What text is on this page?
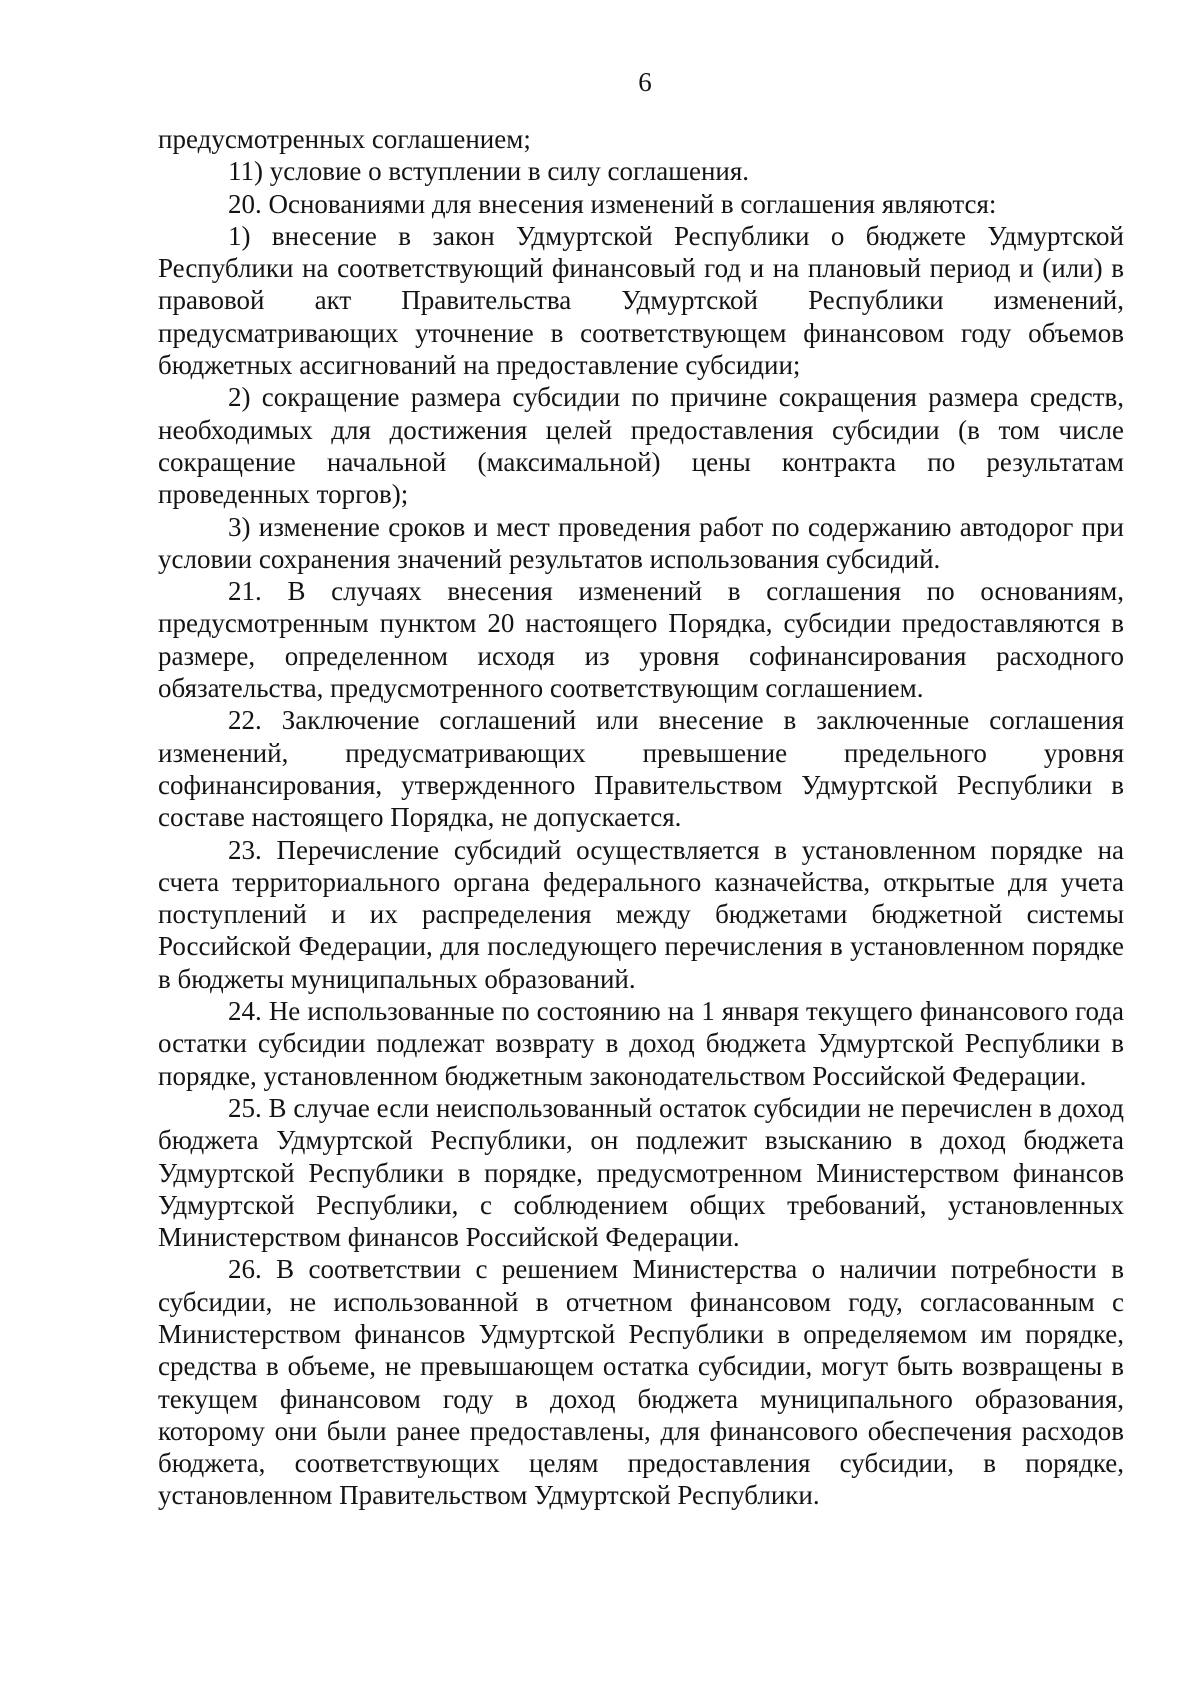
6

предусмотренных соглашением;

11) условие о вступлении в силу соглашения.

20. Основаниями для внесения изменений в соглашения являются:

1) внесение в закон Удмуртской Республики о бюджете Удмуртской Республики на соответствующий финансовый год и на плановый период и (или) в правовой акт Правительства Удмуртской Республики изменений, предусматривающих уточнение в соответствующем финансовом году объемов бюджетных ассигнований на предоставление субсидии;

2) сокращение размера субсидии по причине сокращения размера средств, необходимых для достижения целей предоставления субсидии (в том числе сокращение начальной (максимальной) цены контракта по результатам проведенных торгов);

3) изменение сроков и мест проведения работ по содержанию автодорог при условии сохранения значений результатов использования субсидий.

21. В случаях внесения изменений в соглашения по основаниям, предусмотренным пунктом 20 настоящего Порядка, субсидии предоставляются в размере, определенном исходя из уровня софинансирования расходного обязательства, предусмотренного соответствующим соглашением.

22. Заключение соглашений или внесение в заключенные соглашения изменений, предусматривающих превышение предельного уровня софинансирования, утвержденного Правительством Удмуртской Республики в составе настоящего Порядка, не допускается.

23. Перечисление субсидий осуществляется в установленном порядке на счета территориального органа федерального казначейства, открытые для учета поступлений и их распределения между бюджетами бюджетной системы Российской Федерации, для последующего перечисления в установленном порядке в бюджеты муниципальных образований.

24. Не использованные по состоянию на 1 января текущего финансового года остатки субсидии подлежат возврату в доход бюджета Удмуртской Республики в порядке, установленном бюджетным законодательством Российской Федерации.

25. В случае если неиспользованный остаток субсидии не перечислен в доход бюджета Удмуртской Республики, он подлежит взысканию в доход бюджета Удмуртской Республики в порядке, предусмотренном Министерством финансов Удмуртской Республики, с соблюдением общих требований, установленных Министерством финансов Российской Федерации.

26. В соответствии с решением Министерства о наличии потребности в субсидии, не использованной в отчетном финансовом году, согласованным с Министерством финансов Удмуртской Республики в определяемом им порядке, средства в объеме, не превышающем остатка субсидии, могут быть возвращены в текущем финансовом году в доход бюджета муниципального образования, которому они были ранее предоставлены, для финансового обеспечения расходов бюджета, соответствующих целям предоставления субсидии, в порядке, установленном Правительством Удмуртской Республики.
